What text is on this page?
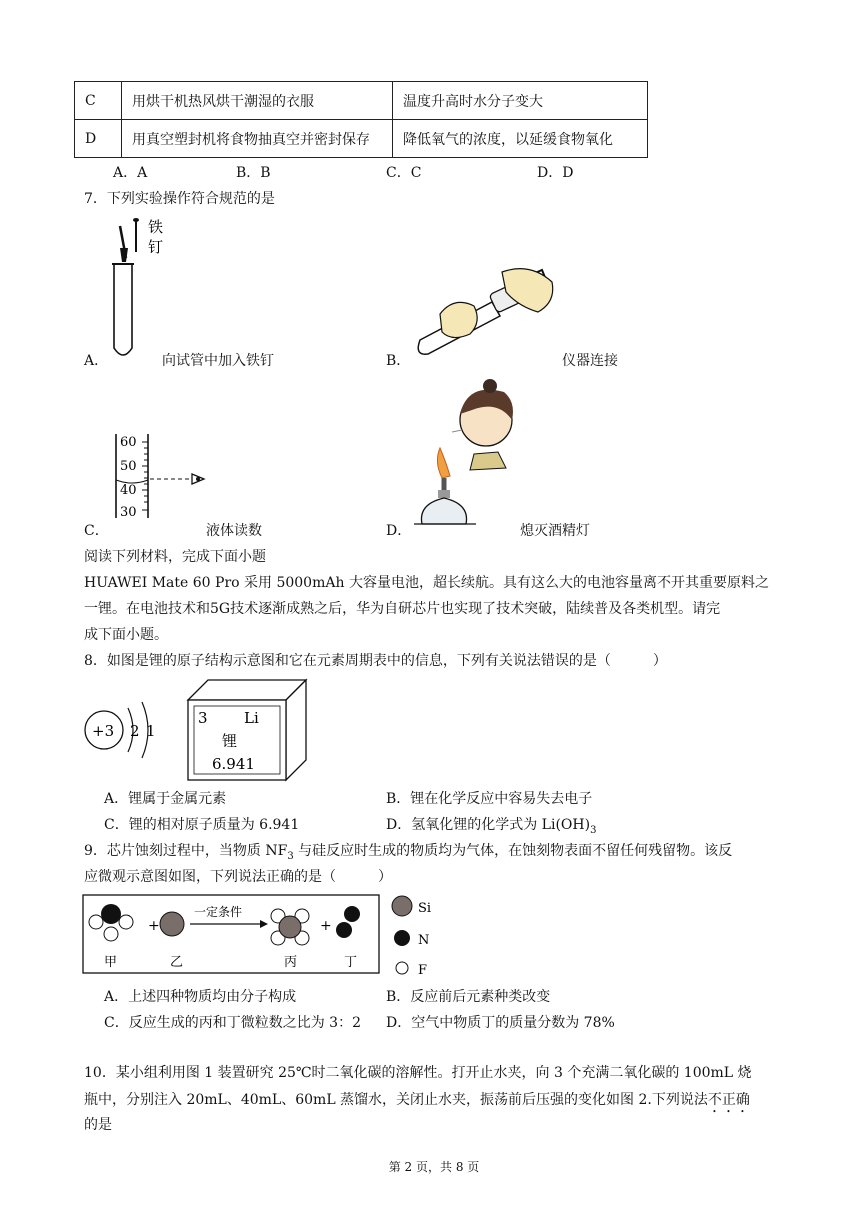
C	用烘干机热风烘干潮湿的衣服	温度升高时水分子变大
D	用真空塑封机将食物抽真空并密封保存	降低氧气的浓度，以延缓食物氧化
A．A	B．B	C．C	D．D
7．下列实验操作符合规范的是
铁
钉
A．	向试管中加入铁钉	B．	仪器连接
60
50
40
30
C．	液体读数	D．	熄灭酒精灯
阅读下列材料，完成下面小题
HUAWEI Mate 60 Pro 采用 5000mAh 大容量电池，超长续航。具有这么大的电池容量离不开其重要原料之
一锂。在电池技术和5G技术逐渐成熟之后，华为自研芯片也实现了技术突破，陆续普及各类机型。请完
成下面小题。
8．如图是锂的原子结构示意图和它在元素周期表中的信息，下列有关说法错误的是（　　　）
+3 2 1
3 Li
锂
6.941
A．锂属于金属元素	B．锂在化学反应中容易失去电子
C．锂的相对原子质量为 6.941	D．氢氧化锂的化学式为 $Li(OH)_3$
9．芯片蚀刻过程中，当物质 $NF_3$ 与硅反应时生成的物质均为气体，在蚀刻物表面不留任何残留物。该反
应微观示意图如图，下列说法正确的是（　　　）
+
一定条件
+
甲	乙	丙	丁
Si
N
F
A．上述四种物质均由分子构成	B．反应前后元素种类改变
C．反应生成的丙和丁微粒数之比为 3：2 D．空气中物质丁的质量分数为 78%
10．某小组利用图 1 装置研究 25℃时二氧化碳的溶解性。打开止水夹，向 3 个充满二氧化碳的 100mL 烧
瓶中，分别注入 20mL、40mL、60mL 蒸馏水，关闭止水夹，振荡前后压强的变化如图 2.下列说法不正确
的是
第 2 页，共 8 页
